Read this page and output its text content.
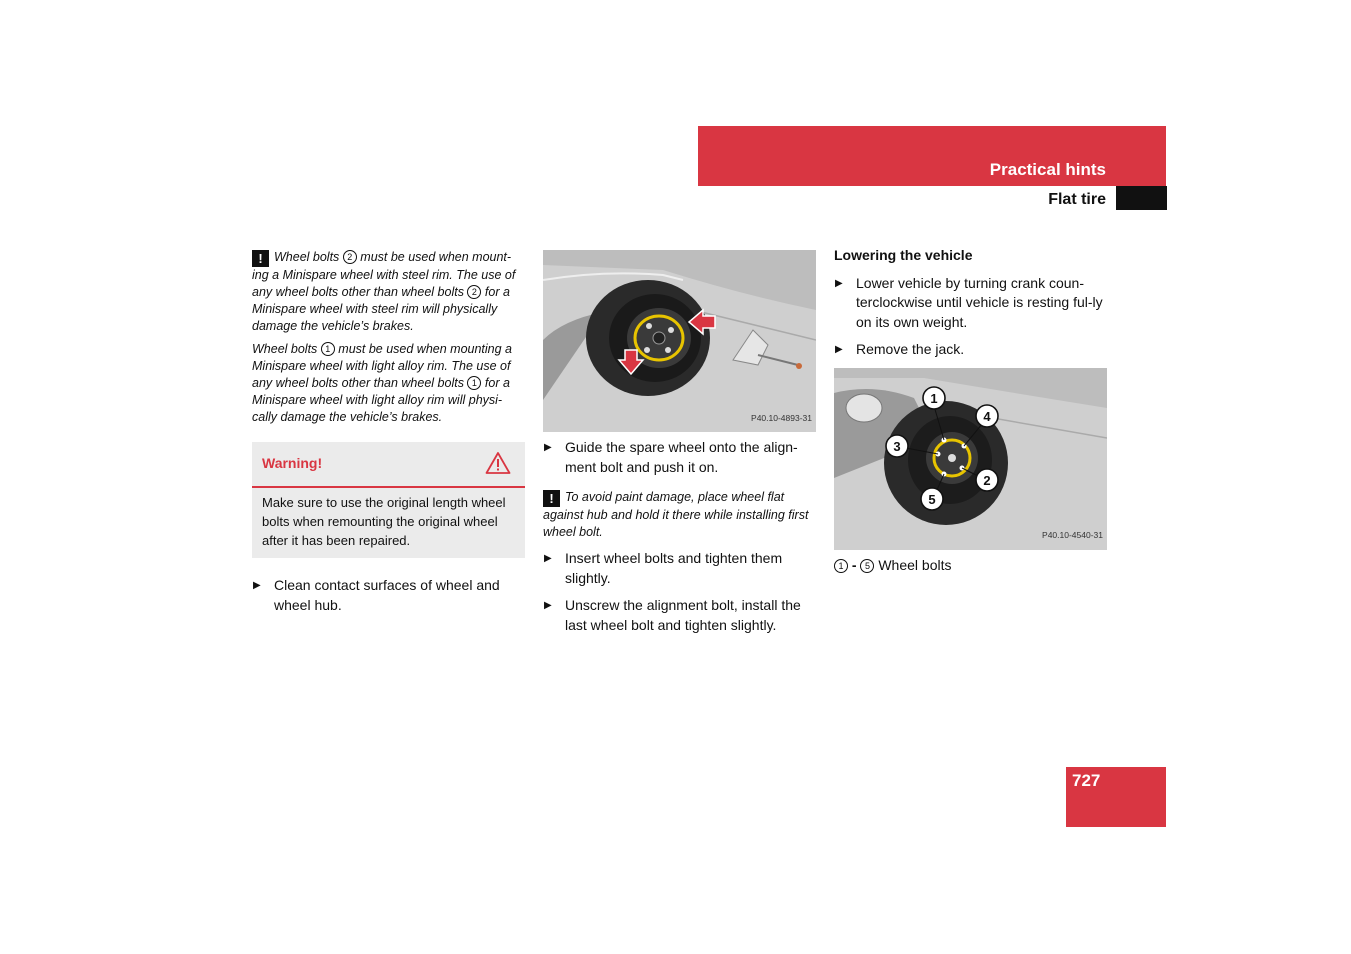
Practical hints
Flat tire

! Wheel bolts 2 must be used when mount-ing a Minispare wheel with steel rim. The use of any wheel bolts other than wheel bolts 2 for a Minispare wheel with steel rim will physically damage the vehicle’s brakes.

Wheel bolts 1 must be used when mounting a Minispare wheel with light alloy rim. The use of any wheel bolts other than wheel bolts 1 for a Minispare wheel with light alloy rim will physi-cally damage the vehicle’s brakes.

Warning!
Make sure to use the original length wheel bolts when remounting the original wheel after it has been repaired.
▶ Clean contact surfaces of wheel and wheel hub.
P40.10-4893-31
▶ Guide the spare wheel onto the align-ment bolt and push it on.

! To avoid paint damage, place wheel flat against hub and hold it there while installing first wheel bolt.

▶ Insert wheel bolts and tighten them slightly.
▶ Unscrew the alignment bolt, install the last wheel bolt and tighten slightly.

Lowering the vehicle

▶ Lower vehicle by turning crank coun-terclockwise until vehicle is resting ful-ly on its own weight.
▶ Remove the jack.
1
4
3
2
5
P40.10-4540-31

1 - 5 Wheel bolts

727
